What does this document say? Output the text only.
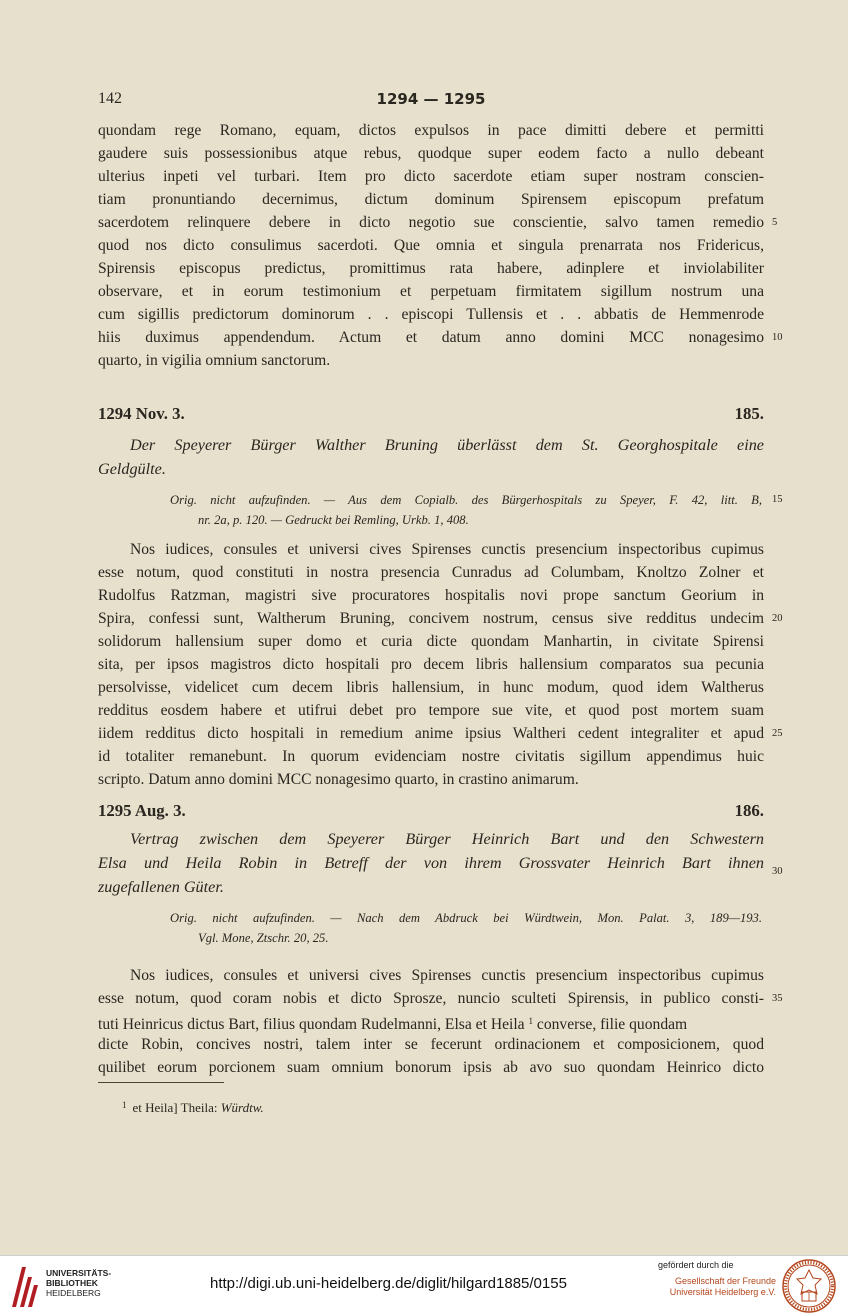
142	1294 — 1295
quondam rege Romano, equam, dictos expulsos in pace dimitti debere et permitti
gaudere suis possessionibus atque rebus, quodque super eodem facto a nullo debeant
ulterius inpeti vel turbari. Item pro dicto sacerdote etiam super nostram conscien-
tiam pronuntiando decernimus, dictum dominum Spirensem episcopum prefatum
sacerdotem relinquere debere in dicto negotio sue conscientie, salvo tamen remedio
quod nos dicto consulimus sacerdoti. Que omnia et singula prenarrata nos Fridericus,
Spirensis episcopus predictus, promittimus rata habere, adinplere et inviolabiliter
observare, et in eorum testimonium et perpetuam firmitatem sigillum nostrum una
cum sigillis predictorum dominorum . . episcopi Tullensis et . . abbatis de Hemmenrode
hiis duximus appendendum. Actum et datum anno domini MCC nonagesimo
quarto, in vigilia omnium sanctorum.
5
10
1294 Nov. 3.	185.
Der Speyerer Bürger Walther Bruning überlässt dem St. Georghospitale eine
Geldgülte.
Orig. nicht aufzufinden. — Aus dem Copialb. des Bürgerhospitals zu Speyer, F. 42, litt. B,
nr. 2a, p. 120. — Gedruckt bei Remling, Urkb. 1, 408.
15
Nos iudices, consules et universi cives Spirenses cunctis presencium inspectoribus cupimus
esse notum, quod constituti in nostra presencia Cunradus ad Columbam, Knoltzo Zolner et
Rudolfus Ratzman, magistri sive procuratores hospitalis novi prope sanctum Georium in
Spira, confessi sunt, Waltherum Bruning, concivem nostrum, census sive redditus undecim
solidorum hallensium super domo et curia dicte quondam Manhartin, in civitate Spirensi
sita, per ipsos magistros dicto hospitali pro decem libris hallensium comparatos sua pecunia
persolvisse, videlicet cum decem libris hallensium, in hunc modum, quod idem Waltherus
redditus eosdem habere et utifrui debet pro tempore sue vite, et quod post mortem suam
iidem redditus dicto hospitali in remedium anime ipsius Waltheri cedent integraliter et apud
id totaliter remanebunt. In quorum evidenciam nostre civitatis sigillum appendimus huic
scripto. Datum anno domini MCC nonagesimo quarto, in crastino animarum.
20
25
1295 Aug. 3.	186.
Vertrag zwischen dem Speyerer Bürger Heinrich Bart und den Schwestern
Elsa und Heila Robin in Betreff der von ihrem Grossvater Heinrich Bart ihnen
zugefallenen Güter.
30
Orig. nicht aufzufinden. — Nach dem Abdruck bei Würdtwein, Mon. Palat. 3, 189—193.
Vgl. Mone, Ztschr. 20, 25.
Nos iudices, consules et universi cives Spirenses cunctis presencium inspectoribus cupimus
esse notum, quod coram nobis et dicto Sprosze, nuncio sculteti Spirensis, in publico consti-
tuti Heinricus dictus Bart, filius quondam Rudelmanni, Elsa et Heila $^1$ converse, filie quondam
dicte Robin, concives nostri, talem inter se fecerunt ordinacionem et composicionem, quod
quilibet eorum porcionem suam omnium bonorum ipsis ab avo suo quondam Heinrico dicto
35
$^1$ et Heila] Theila: Würdtw.
UNIVERSITÄTS-
BIBLIOTHEK
HEIDELBERG
http://digi.ub.uni-heidelberg.de/diglit/hilgard1885/0155
gefördert durch die
Gesellschaft der Freunde
Universität Heidelberg e.V.
